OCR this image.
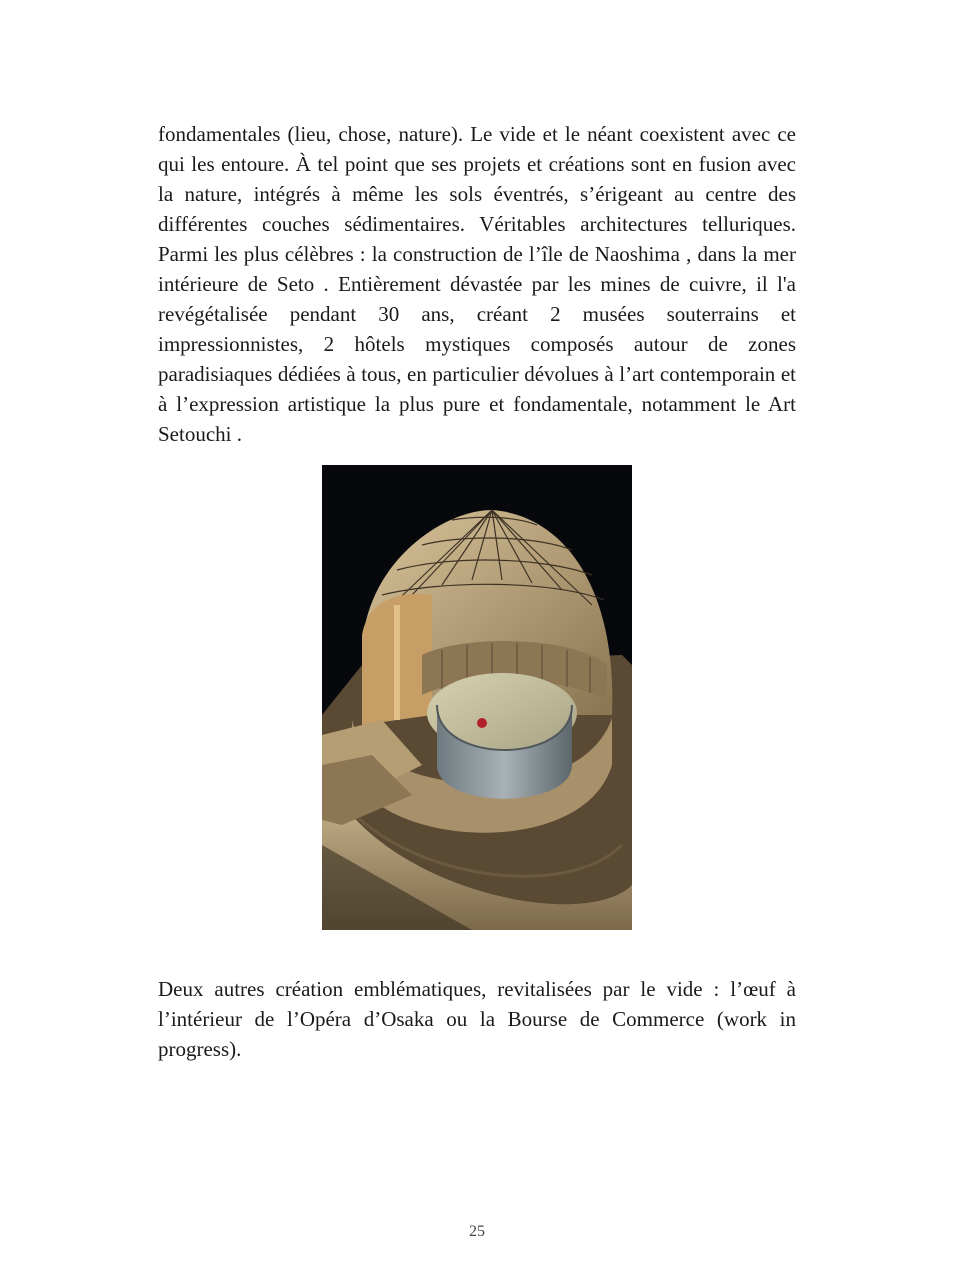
fondamentales (lieu, chose, nature). Le vide et le néant coexistent avec ce qui les entoure. À tel point que ses projets et créations sont en fusion avec la nature, intégrés à même les sols éventrés, s’érigeant au centre des différentes couches sédimentaires. Véritables architectures telluriques. Parmi les plus célèbres : la construction de l’île de Naoshima , dans la mer intérieure de Seto . Entièrement dévastée par les mines de cuivre, il l'a revégétalisée pendant 30 ans, créant 2 musées souterrains et impressionnistes, 2 hôtels mystiques composés autour de zones paradisiaques dédiées à tous, en particulier dévolues à l’art contemporain et à l’expression artistique la plus pure et fondamentale, notamment le Art Setouchi .

Deux autres création emblématiques, revitalisées par le vide : l’œuf à l’intérieur de l’Opéra d’Osaka ou la Bourse de Commerce (work in progress).

25
